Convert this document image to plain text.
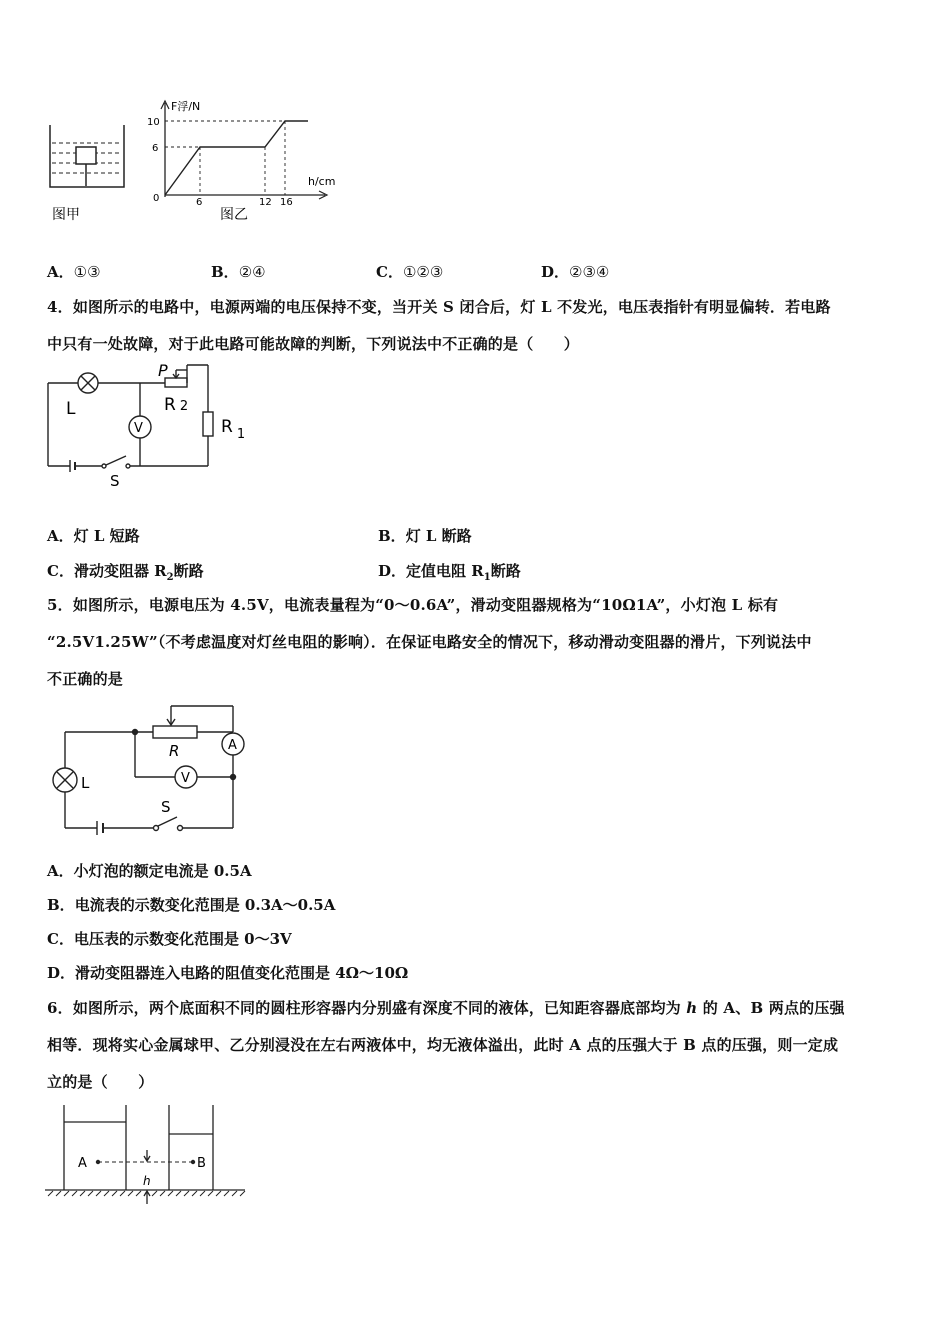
图甲
F浮/N
h/cm
0
10
6
6	12 16
图乙
A．①③	B．②④	C．①②③	D．②③④
4．如图所示的电路中，电源两端的电压保持不变，当开关 S 闭合后，灯 L 不发光，电压表指针有明显偏转．若电路
中只有一处故障，对于此电路可能故障的判断，下列说法中不正确的是（　　）
L
P
R 2
R $_1$
V
S
A．灯 L 短路	B．灯 L 断路
C．滑动变阻器 $R_2$断路	D．定值电阻 $R_1$断路
5．如图所示，电源电压为 4.5V，电流表量程为“0～0.6A”，滑动变阻器规格为“10Ω1A”，小灯泡 L 标有
“2.5V1.25W”（不考虑温度对灯丝电阻的影响）．在保证电路安全的情况下，移动滑动变阻器的滑片，下列说法中
不正确的是
R	A
V
L
S
A．小灯泡的额定电流是 0.5A
B．电流表的示数变化范围是 0.3A～0.5A
C．电压表的示数变化范围是 0～3V
D．滑动变阻器连入电路的阻值变化范围是 4Ω～10Ω
6．如图所示，两个底面积不同的圆柱形容器内分别盛有深度不同的液体，已知距容器底部均为 h 的 A、B 两点的压强
相等．现将实心金属球甲、乙分别浸没在左右两液体中，均无液体溢出，此时 A 点的压强大于 B 点的压强，则一定成
立的是（　　）
A	B
h
